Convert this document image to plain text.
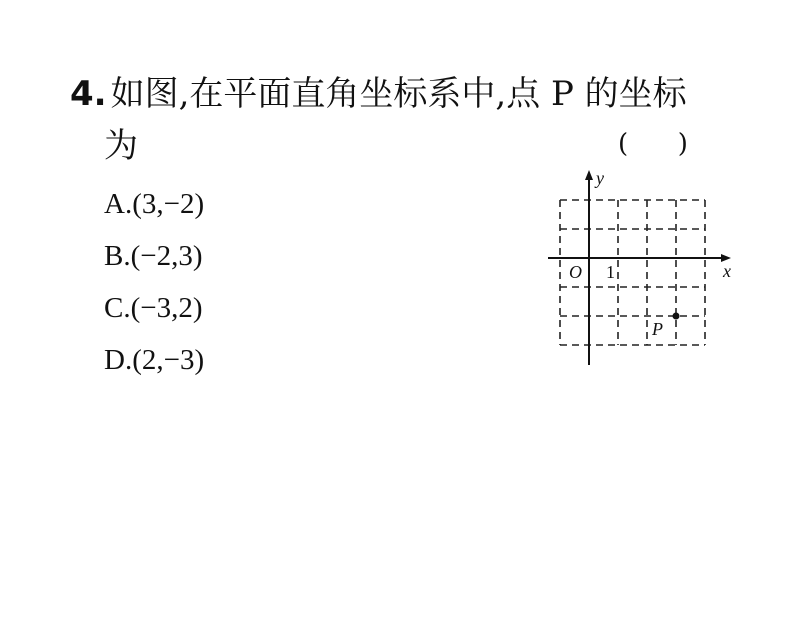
4. 如图,在平面直角坐标系中,点 P 的坐标
为	(      )
A.(3,−2)
B.(−2,3)
C.(−3,2)
D.(2,−3)
x
y
O 1
P
